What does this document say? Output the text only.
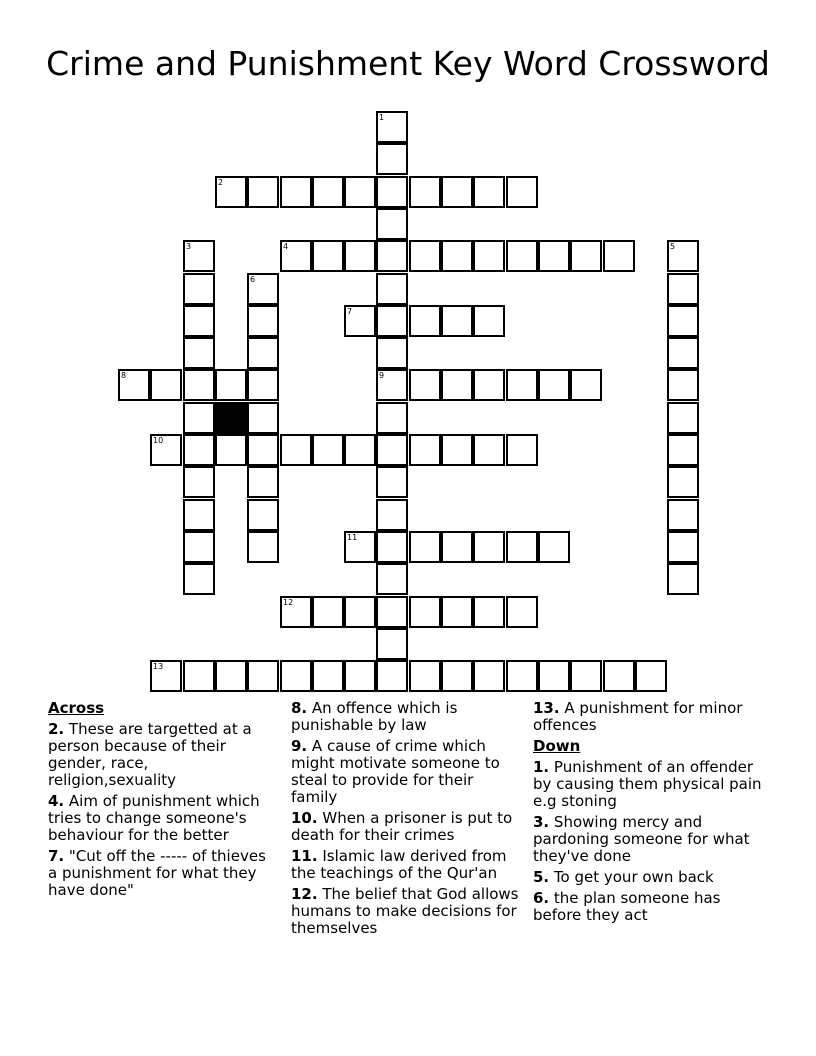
Crime and Punishment Key Word Crossword
1
9
2
3	4	5
6
7
8
10
11
12
13
Across
2. These are targetted at a person because of their gender, race, religion,sexuality
4. Aim of punishment which tries to change someone's behaviour for the better
7. "Cut off the ----- of thieves a punishment for what they have done"
8. An offence which is punishable by law
9. A cause of crime which might motivate someone to steal to provide for their family
10. When a prisoner is put to death for their crimes
11. Islamic law derived from the teachings of the Qur'an
12. The belief that God allows humans to make decisions for themselves
13. A punishment for minor offences
Down
1. Punishment of an offender by causing them physical pain e.g stoning
3. Showing mercy and pardoning someone for what they've done
5. To get your own back
6. the plan someone has before they act
